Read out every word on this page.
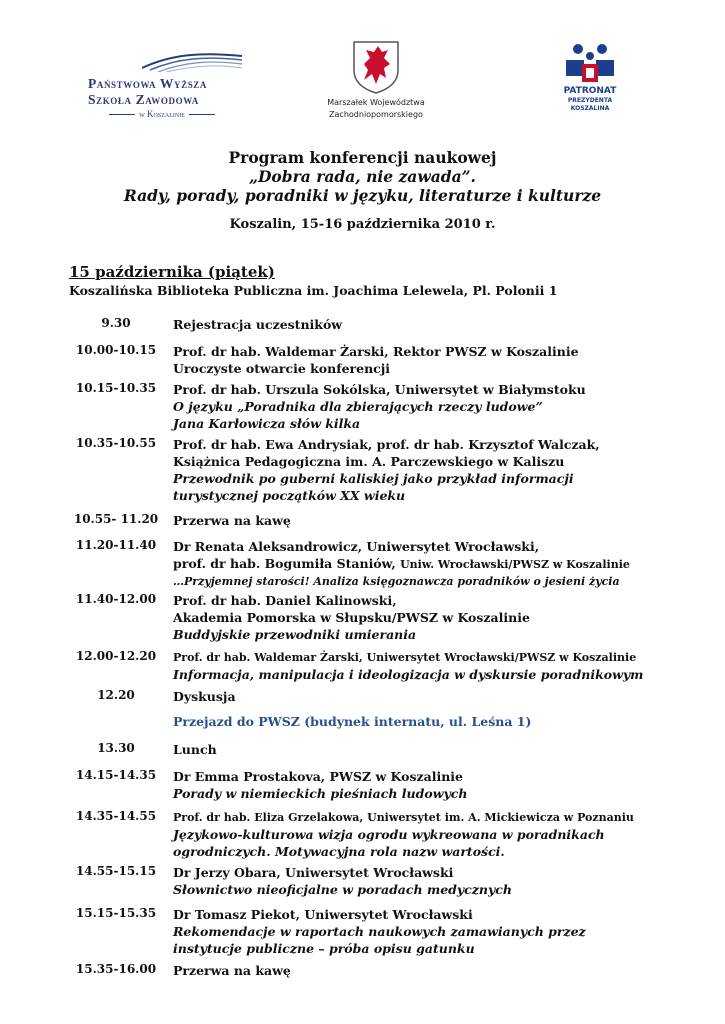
Państwowa Wyższa
Szkoła Zawodowa
w Koszalinie
Marszałek Województwa
Zachodniopomorskiego
PATRONAT
PREZYDENTA
KOSZALINA
Program konferencji naukowej
„Dobra rada, nie zawada”.
Rady, porady, poradniki w języku, literaturze i kulturze
Koszalin, 15-16 października 2010 r.
15 października (piątek)
Koszalińska Biblioteka Publiczna im. Joachima Lelewela, Pl. Polonii 1
9.30	Rejestracja uczestników
10.00-10.15	Prof. dr hab. Waldemar Żarski, Rektor PWSZ w Koszalinie
Uroczyste otwarcie konferencji
10.15-10.35	Prof. dr hab. Urszula Sokólska, Uniwersytet w Białymstoku
O języku „Poradnika dla zbierających rzeczy ludowe”
Jana Karłowicza słów kilka
10.35-10.55	Prof. dr hab. Ewa Andrysiak, prof. dr hab. Krzysztof Walczak,
Książnica Pedagogiczna im. A. Parczewskiego w Kaliszu
Przewodnik po guberni kaliskiej jako przykład informacji
turystycznej początków XX wieku
10.55- 11.20	Przerwa na kawę
11.20-11.40	Dr Renata Aleksandrowicz, Uniwersytet Wrocławski,
prof. dr hab. Bogumiła Staniów, Uniw. Wrocławski/PWSZ w Koszalinie
…Przyjemnej starości! Analiza księgoznawcza poradników o jesieni życia
11.40-12.00	Prof. dr hab. Daniel Kalinowski,
Akademia Pomorska w Słupsku/PWSZ w Koszalinie
Buddyjskie przewodniki umierania
12.00-12.20	Prof. dr hab. Waldemar Żarski, Uniwersytet Wrocławski/PWSZ w Koszalinie
Informacja, manipulacja i ideologizacja w dyskursie poradnikowym
12.20	Dyskusja
Przejazd do PWSZ (budynek internatu, ul. Leśna 1)
13.30	Lunch
14.15-14.35	Dr Emma Prostakova, PWSZ w Koszalinie
Porady w niemieckich pieśniach ludowych
14.35-14.55	Prof. dr hab. Eliza Grzelakowa, Uniwersytet im. A. Mickiewicza w Poznaniu
Językowo-kulturowa wizja ogrodu wykreowana w poradnikach
ogrodniczych. Motywacyjna rola nazw wartości.
14.55-15.15	Dr Jerzy Obara, Uniwersytet Wrocławski
Słownictwo nieoficjalne w poradach medycznych
15.15-15.35	Dr Tomasz Piekot, Uniwersytet Wrocławski
Rekomendacje w raportach naukowych zamawianych przez
instytucje publiczne – próba opisu gatunku
15.35-16.00	Przerwa na kawę
